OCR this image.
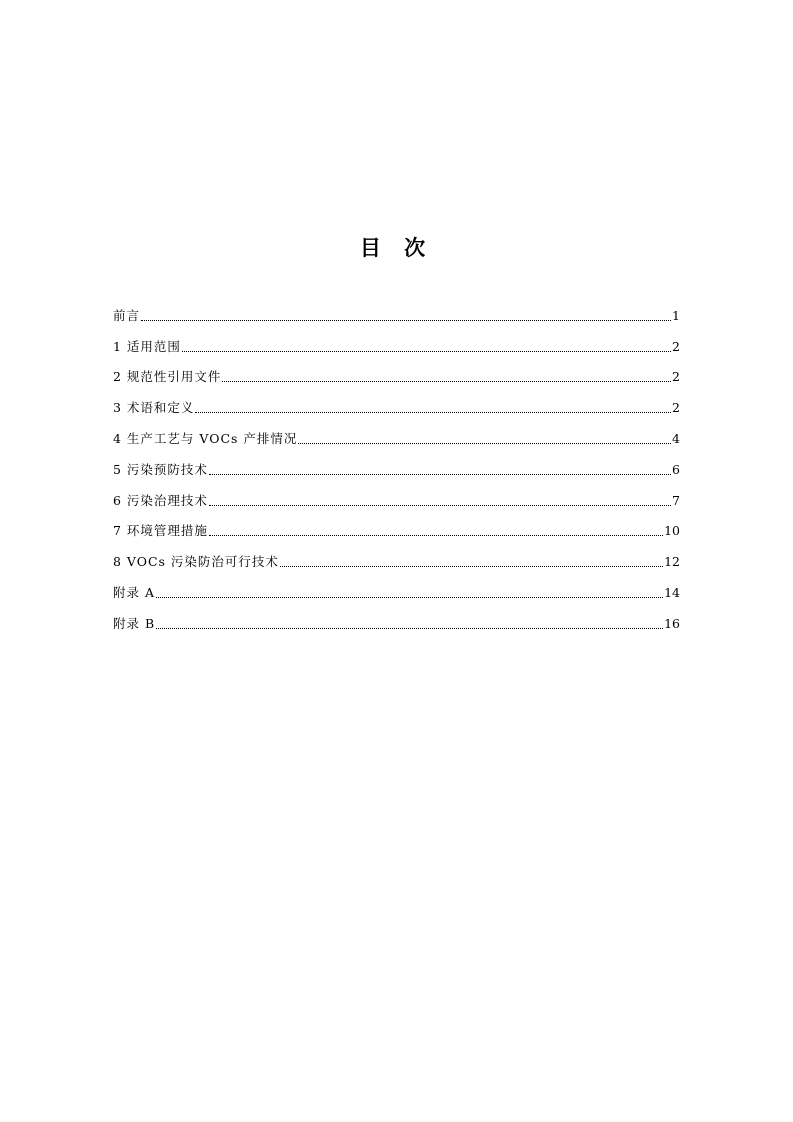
目 次
前言	1
1 适用范围	2
2 规范性引用文件	2
3 术语和定义	2
4 生产工艺与 VOCs 产排情况	4
5 污染预防技术	6
6 污染治理技术	7
7 环境管理措施	10
8 VOCs 污染防治可行技术	12
附录 A	14
附录 B	16
